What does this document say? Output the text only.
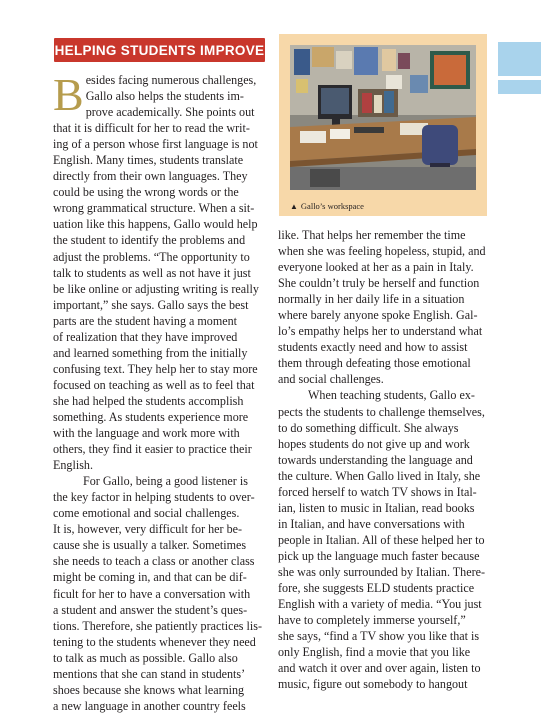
HELPING STUDENTS IMPROVE

Besides facing numerous challenges,
Gallo also helps the students im-
prove academically. She points out
that it is difficult for her to read the writ-
ing of a person whose first language is not
English. Many times, students translate
directly from their own languages. They
could be using the wrong words or the
wrong grammatical structure. When a sit-
uation like this happens, Gallo would help
the student to identify the problems and
adjust the problems. “The opportunity to
talk to students as well as not have it just
be like online or adjusting writing is really
important,” she says. Gallo says the best
parts are the student having a moment
of realization that they have improved
and learned something from the initially
confusing text. They help her to stay more
focused on teaching as well as to feel that
she had helped the students accomplish
something. As students experience more
with the language and work more with
others, they find it easier to practice their
English.

For Gallo, being a good listener is
the key factor in helping students to over-
come emotional and social challenges.
It is, however, very difficult for her be-
cause she is usually a talker. Sometimes
she needs to teach a class or another class
might be coming in, and that can be dif-
ficult for her to have a conversation with
a student and answer the student’s ques-
tions. Therefore, she patiently practices lis-
tening to the students whenever they need
to talk as much as possible. Gallo also
mentions that she can stand in students’
shoes because she knows what learning
a new language in another country feels

▲ Gallo’s workspace

like. That helps her remember the time
when she was feeling hopeless, stupid, and
everyone looked at her as a pain in Italy.
She couldn’t truly be herself and function
normally in her daily life in a situation
where barely anyone spoke English. Gal-
lo’s empathy helps her to understand what
students exactly need and how to assist
them through defeating those emotional
and social challenges.

When teaching students, Gallo ex-
pects the students to challenge themselves,
to do something difficult. She always
hopes students do not give up and work
towards understanding the language and
the culture. When Gallo lived in Italy, she
forced herself to watch TV shows in Ital-
ian, listen to music in Italian, read books
in Italian, and have conversations with
people in Italian. All of these helped her to
pick up the language much faster because
she was only surrounded by Italian. There-
fore, she suggests ELD students practice
English with a variety of media. “You just
have to completely immerse yourself,”
she says, “find a TV show you like that is
only English, find a movie that you like
and watch it over and over again, listen to
music, figure out somebody to hangout
